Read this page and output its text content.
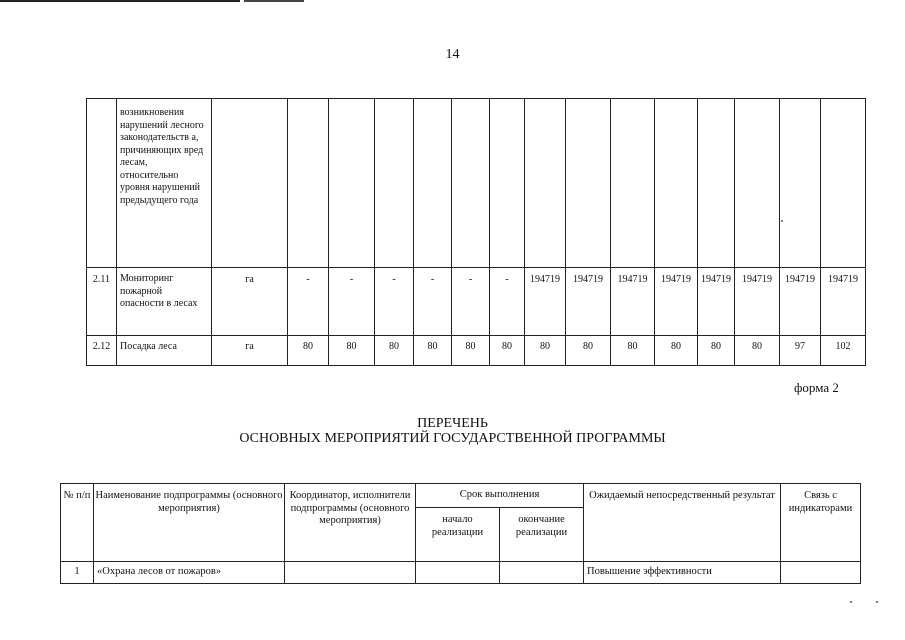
14
	возникновения нарушений лесного законодательств а, причиняющих вред лесам, относительно уровня нарушений предыдущего года															
2.11	Мониторинг пожарной опасности в лесах	га	-	-	-	-	-	-	194719	194719	194719	194719	194719	194719	194719	194719
2.12	Посадка леса	га	80	80	80	80	80	80	80	80	80	80	80	80	97	102
форма 2
ПЕРЕЧЕНЬ
ОСНОВНЫХ МЕРОПРИЯТИЙ ГОСУДАРСТВЕННОЙ ПРОГРАММЫ
№ п/п	Наименование подпрограммы (основного мероприятия)	Координатор, исполнители подпрограммы (основного мероприятия)	Срок выполнения		Ожидаемый непосредственный результат	Связь с индикаторами
			начало реализации	окончание реализации		
1	«Охрана лесов от пожаров»				Повышение эффективности	
